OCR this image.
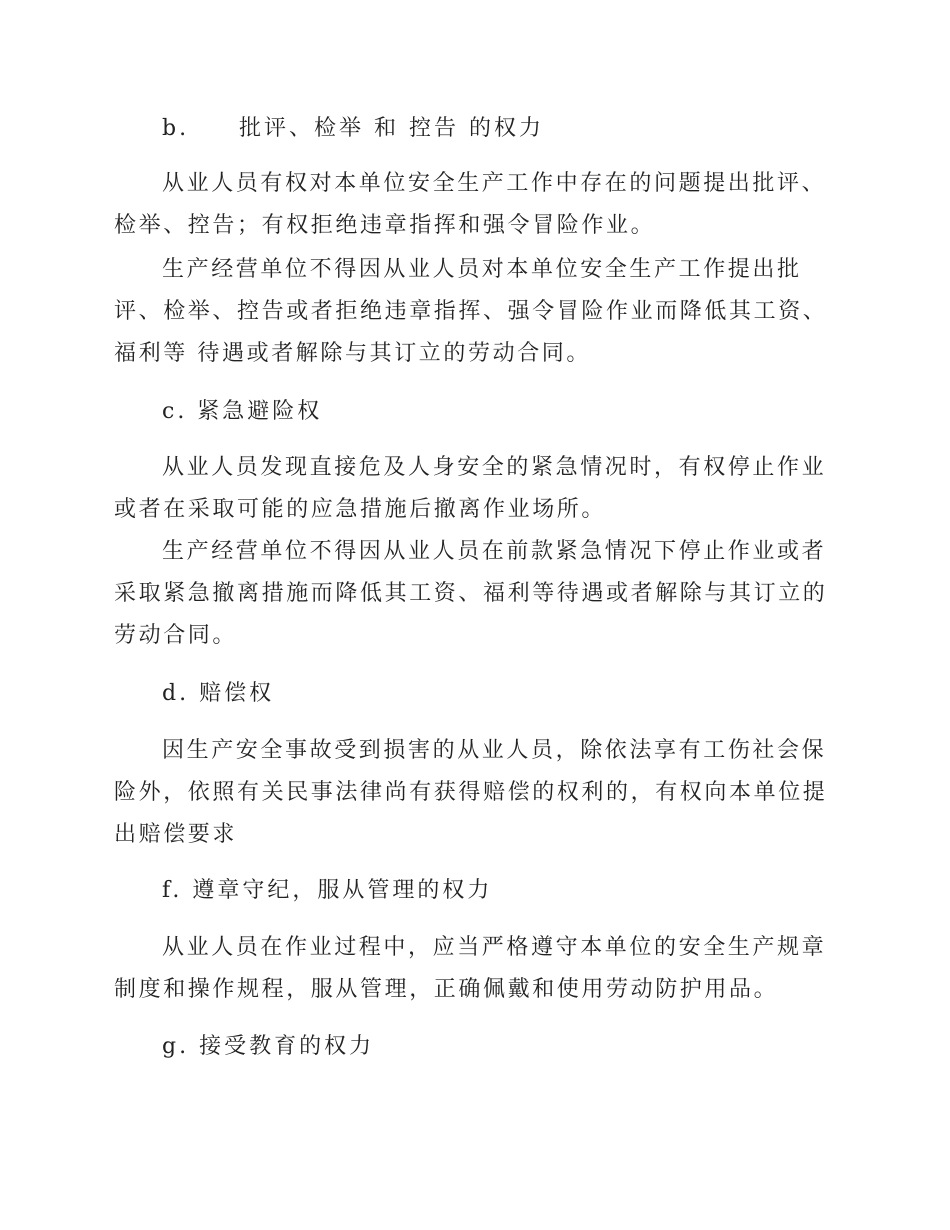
b.     批评、检举 和 控告 的权力

从业人员有权对本单位安全生产工作中存在的问题提出批评、

检举、控告；有权拒绝违章指挥和强令冒险作业。

生产经营单位不得因从业人员对本单位安全生产工作提出批

评、检举、控告或者拒绝违章指挥、强令冒险作业而降低其工资、

福利等 待遇或者解除与其订立的劳动合同。

c. 紧急避险权

从业人员发现直接危及人身安全的紧急情况时，有权停止作业

或者在采取可能的应急措施后撤离作业场所。

生产经营单位不得因从业人员在前款紧急情况下停止作业或者

采取紧急撤离措施而降低其工资、福利等待遇或者解除与其订立的

劳动合同。

d. 赔偿权

因生产安全事故受到损害的从业人员，除依法享有工伤社会保

险外，依照有关民事法律尚有获得赔偿的权利的，有权向本单位提

出赔偿要求

f. 遵章守纪，服从管理的权力

从业人员在作业过程中，应当严格遵守本单位的安全生产规章

制度和操作规程，服从管理，正确佩戴和使用劳动防护用品。

g. 接受教育的权力
